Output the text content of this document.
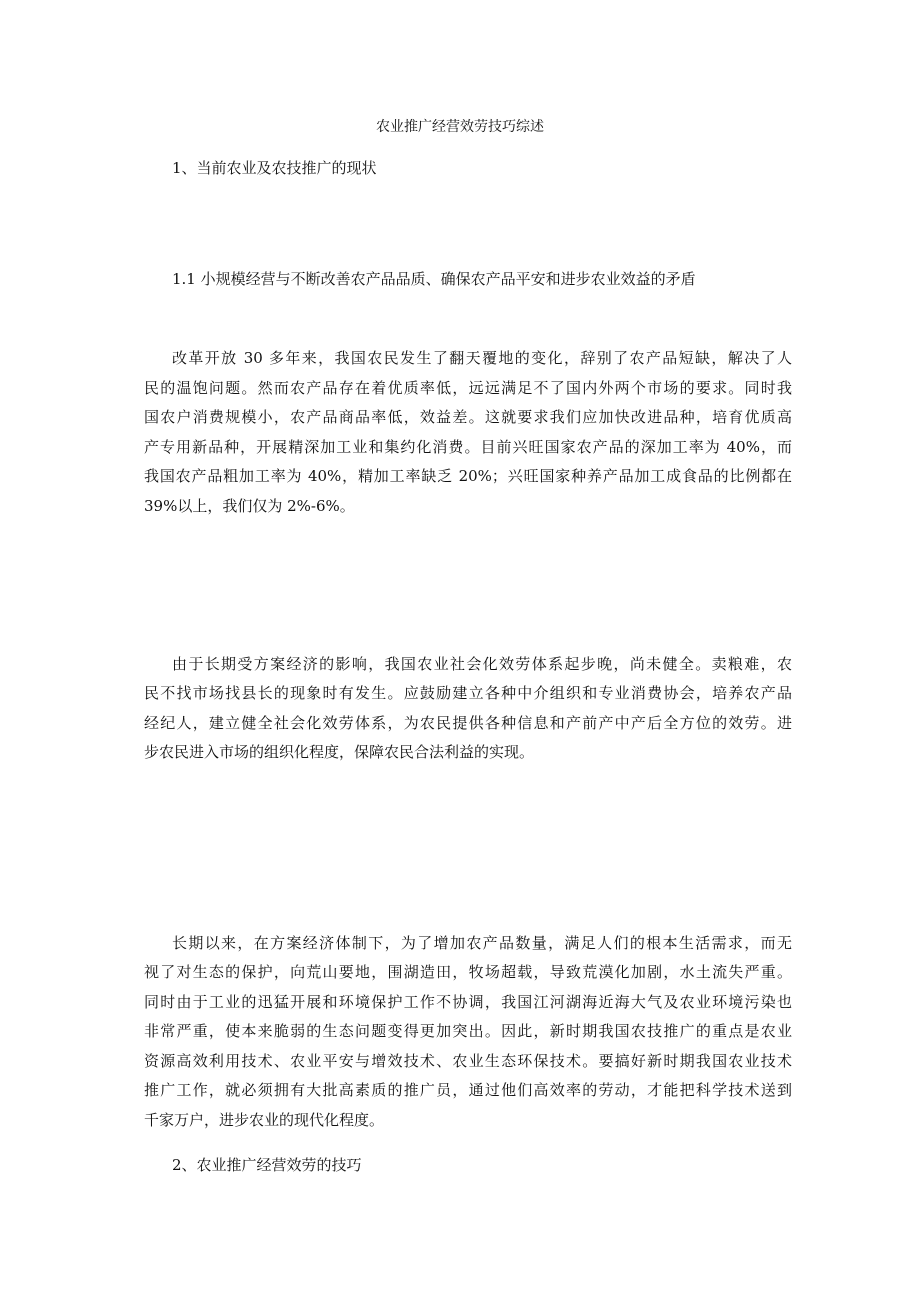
农业推广经营效劳技巧综述
1、当前农业及农技推广的现状
1.1 小规模经营与不断改善农产品品质、确保农产品平安和进步农业效益的矛盾
改革开放 30 多年来，我国农民发生了翻天覆地的变化，辞别了农产品短缺，解决了人
民的温饱问题。然而农产品存在着优质率低，远远满足不了国内外两个市场的要求。同时我
国农户消费规模小，农产品商品率低，效益差。这就要求我们应加快改进品种，培育优质高
产专用新品种，开展精深加工业和集约化消费。目前兴旺国家农产品的深加工率为 40%，而
我国农产品粗加工率为 40%，精加工率缺乏 20%；兴旺国家种养产品加工成食品的比例都在
39%以上，我们仅为 2%-6%。
由于长期受方案经济的影响，我国农业社会化效劳体系起步晚，尚未健全。卖粮难，农
民不找市场找县长的现象时有发生。应鼓励建立各种中介组织和专业消费协会，培养农产品
经纪人，建立健全社会化效劳体系，为农民提供各种信息和产前产中产后全方位的效劳。进
步农民进入市场的组织化程度，保障农民合法利益的实现。
长期以来，在方案经济体制下，为了增加农产品数量，满足人们的根本生活需求，而无
视了对生态的保护，向荒山要地，围湖造田，牧场超载，导致荒漠化加剧，水土流失严重。
同时由于工业的迅猛开展和环境保护工作不协调，我国江河湖海近海大气及农业环境污染也
非常严重，使本来脆弱的生态问题变得更加突出。因此，新时期我国农技推广的重点是农业
资源高效利用技术、农业平安与增效技术、农业生态环保技术。要搞好新时期我国农业技术
推广工作，就必须拥有大批高素质的推广员，通过他们高效率的劳动，才能把科学技术送到
千家万户，进步农业的现代化程度。
2、农业推广经营效劳的技巧
